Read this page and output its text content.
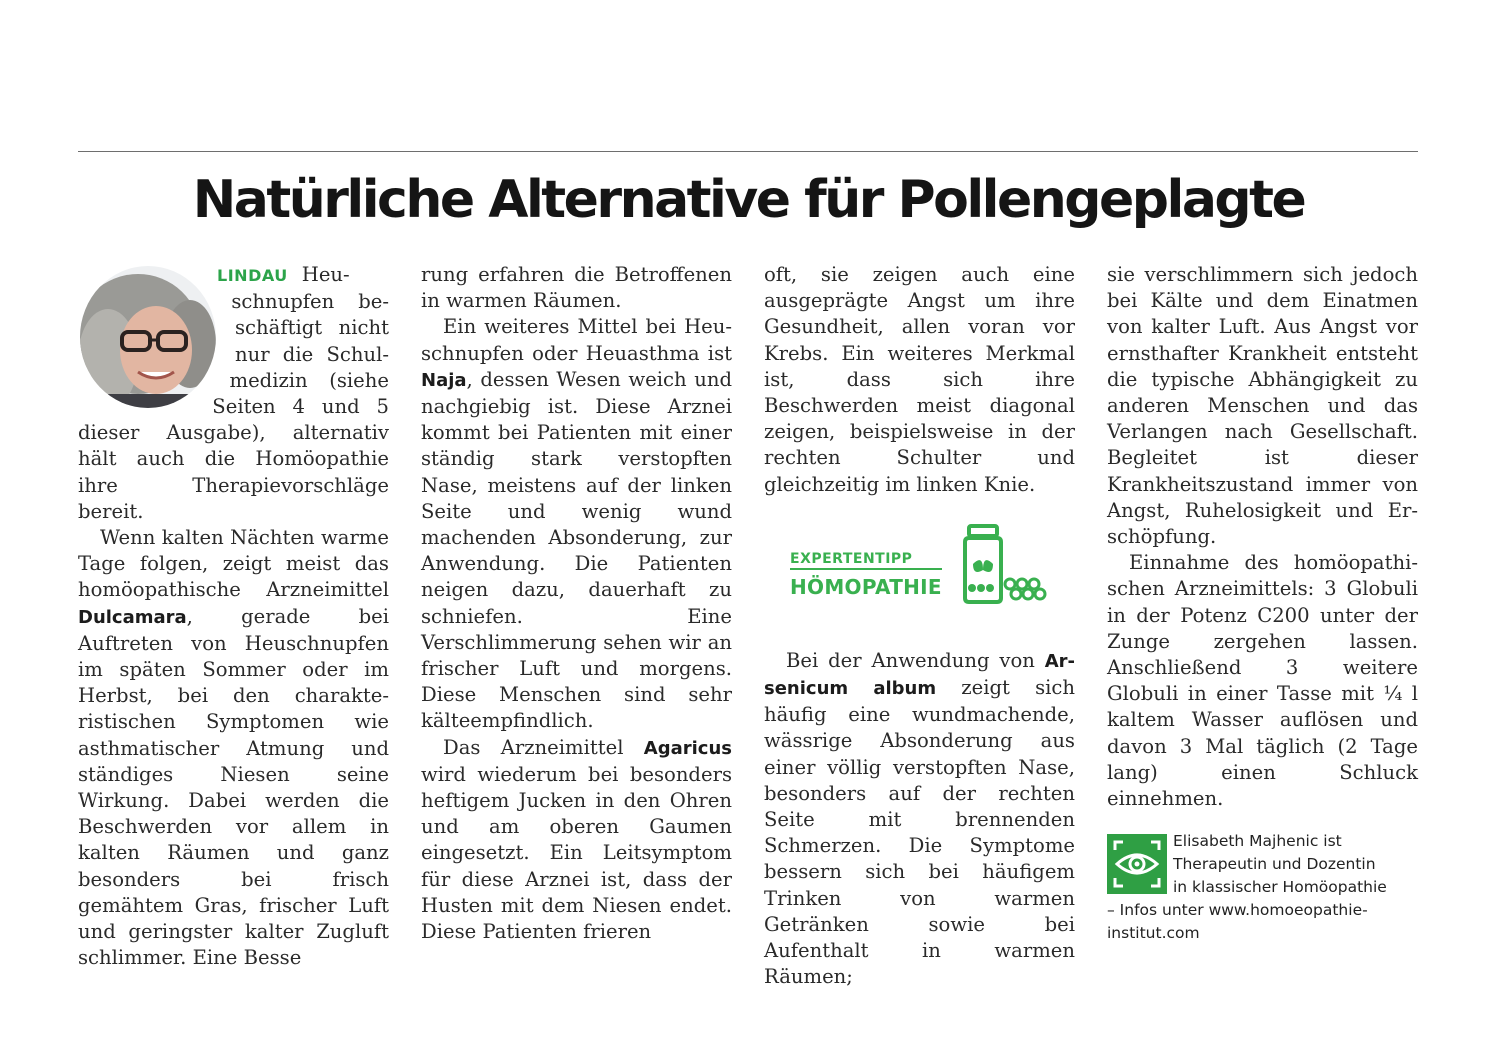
Natürliche Alternative für Pollengeplagte

LINDAU Heuschnupfen beschäftigt nicht nur die Schulmedizin (siehe Seiten 4 und 5 dieser Ausgabe), alternativ hält auch die Homöopathie ihre Therapievorschläge bereit.

Wenn kalten Nächten warme Tage folgen, zeigt meist das homöopathische Arzneimittel Dulcamara, gerade bei Auftreten von Heuschnupfen im späten Sommer oder im Herbst, bei den charakteristischen Symptomen wie asthmatischer Atmung und ständiges Niesen seine Wirkung. Dabei werden die Beschwerden vor allem in kalten Räumen und ganz besonders bei frisch gemähtem Gras, frischer Luft und geringster kalter Zugluft schlimmer. Eine Besse

rung erfahren die Betroffenen in warmen Räumen.

Ein weiteres Mittel bei Heuschnupfen oder Heuasthma ist Naja, dessen Wesen weich und nachgiebig ist. Diese Arznei kommt bei Patienten mit einer ständig stark verstopften Nase, meistens auf der linken Seite und wenig wund machenden Absonderung, zur Anwendung. Die Patienten neigen dazu, dauerhaft zu schniefen. Eine Verschlimmerung sehen wir an frischer Luft und morgens. Diese Menschen sind sehr kälteempfindlich.

Das Arzneimittel Agaricus wird wiederum bei besonders heftigem Jucken in den Ohren und am oberen Gaumen eingesetzt. Ein Leitsymptom für diese Arznei ist, dass der Husten mit dem Niesen endet. Diese Patienten frieren

oft, sie zeigen auch eine ausgeprägte Angst um ihre Gesundheit, allen voran vor Krebs. Ein weiteres Merkmal ist, dass sich ihre Beschwerden meist diagonal zeigen, beispielsweise in der rechten Schulter und gleichzeitig im linken Knie.

EXPERTENTIPP
HÖMOPATHIE

Bei der Anwendung von Arsenicum album zeigt sich häufig eine wundmachende, wässrige Absonderung aus einer völlig verstopften Nase, besonders auf der rechten Seite mit brennenden Schmerzen. Die Symptome bessern sich bei häufigem Trinken von warmen Getränken sowie bei Aufenthalt in warmen Räumen;

sie verschlimmern sich jedoch bei Kälte und dem Einatmen von kalter Luft. Aus Angst vor ernsthafter Krankheit entsteht die typische Abhängigkeit zu anderen Menschen und das Verlangen nach Gesellschaft. Begleitet ist dieser Krankheitszustand immer von Angst, Ruhelosigkeit und Erschöpfung.

Einnahme des homöopathischen Arzneimittels: 3 Globuli in der Potenz C200 unter der Zunge zergehen lassen. Anschließend 3 weitere Globuli in einer Tasse mit ¼ l kaltem Wasser auflösen und davon 3 Mal täglich (2 Tage lang) einen Schluck einnehmen.

Elisabeth Majhenic ist
Therapeutin und Dozentin
in klassischer Homöopathie
– Infos unter www.homoeopathie-
institut.com
